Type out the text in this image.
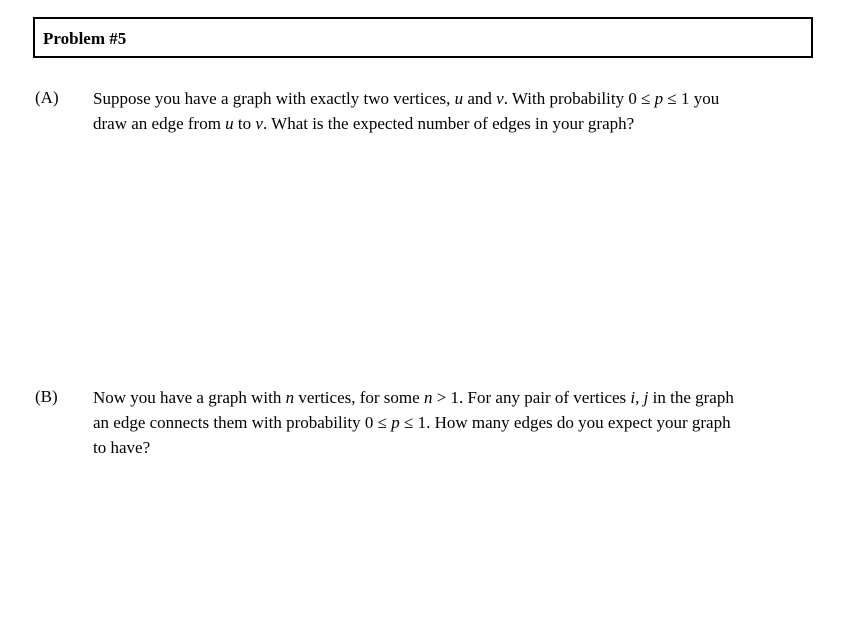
Problem #5
(A) Suppose you have a graph with exactly two vertices, u and v. With probability 0 ≤ p ≤ 1 you
draw an edge from u to v. What is the expected number of edges in your graph?
(B) Now you have a graph with n vertices, for some n > 1. For any pair of vertices i, j in the graph
an edge connects them with probability 0 ≤ p ≤ 1. How many edges do you expect your graph
to have?
